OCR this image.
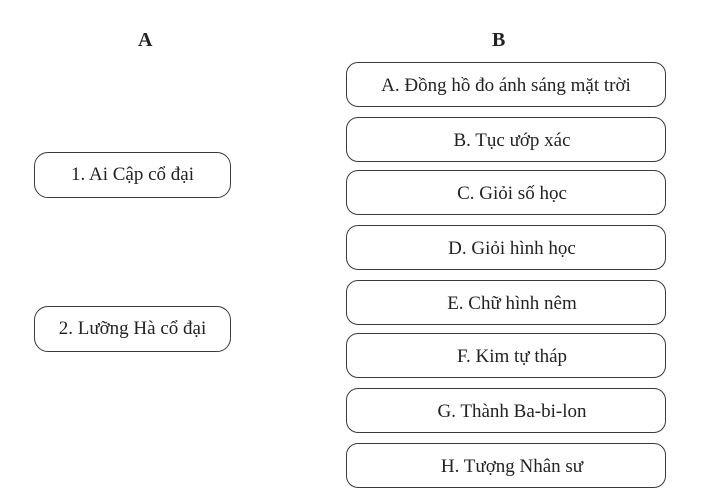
A	B
1. Ai Cập cổ đại
2. Lưỡng Hà cổ đại
A. Đồng hồ đo ánh sáng mặt trời
B. Tục ướp xác
C. Giỏi số học
D. Giỏi hình học
E. Chữ hình nêm
F. Kim tự tháp
G. Thành Ba-bi-lon
H. Tượng Nhân sư
